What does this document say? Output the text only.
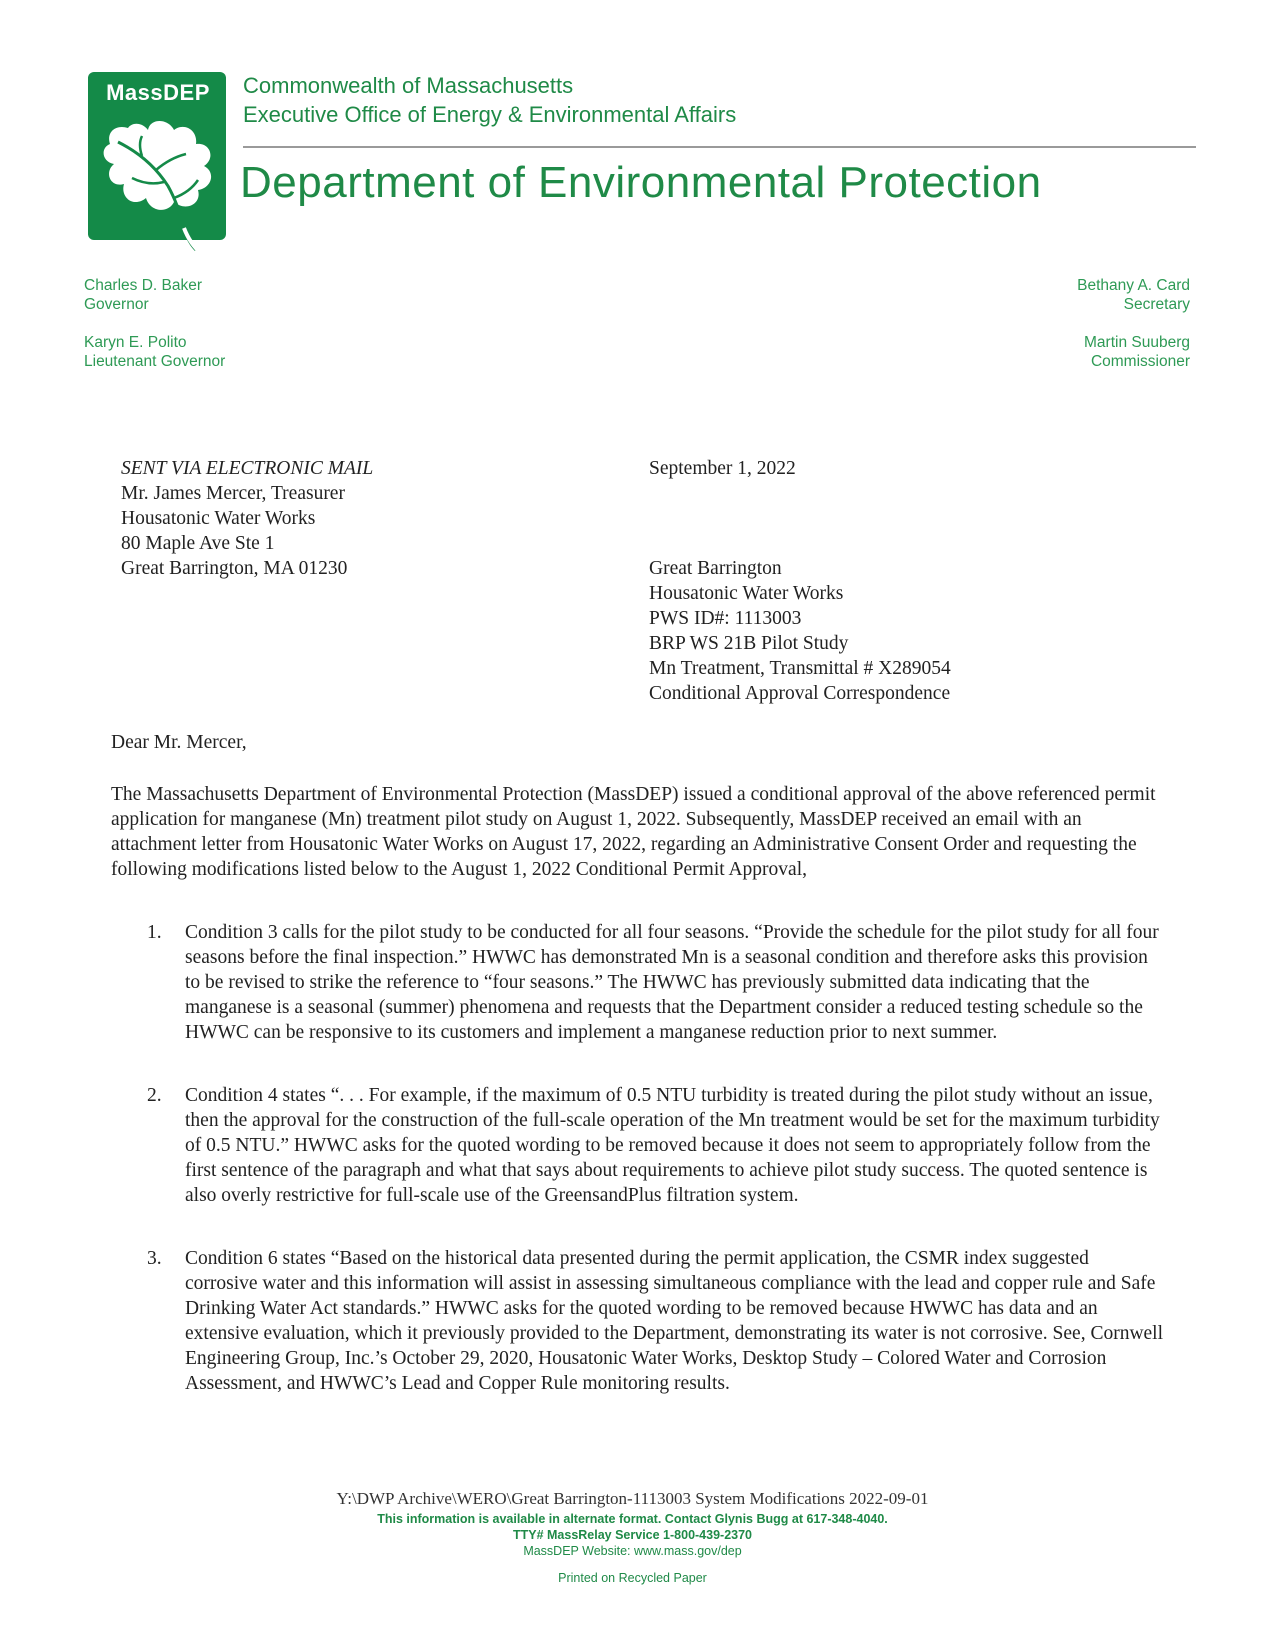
MassDEP	Commonwealth of Massachusetts
Executive Office of Energy & Environmental Affairs
Department of Environmental Protection
Charles D. Baker
Governor
Karyn E. Polito
Lieutenant Governor
Bethany A. Card
Secretary
Martin Suuberg
Commissioner
SENT VIA ELECTRONIC MAIL
Mr. James Mercer, Treasurer
Housatonic Water Works
80 Maple Ave Ste 1
Great Barrington, MA 01230
September 1, 2022
Great Barrington
Housatonic Water Works
PWS ID#: 1113003
BRP WS 21B Pilot Study
Mn Treatment, Transmittal # X289054
Conditional Approval Correspondence
Dear Mr. Mercer,
The Massachusetts Department of Environmental Protection (MassDEP) issued a conditional approval of the above referenced permit application for manganese (Mn) treatment pilot study on August 1, 2022. Subsequently, MassDEP received an email with an attachment letter from Housatonic Water Works on August 17, 2022, regarding an Administrative Consent Order and requesting the following modifications listed below to the August 1, 2022 Conditional Permit Approval,
1. Condition 3 calls for the pilot study to be conducted for all four seasons. “Provide the schedule for the pilot study for all four seasons before the final inspection.” HWWC has demonstrated Mn is a seasonal condition and therefore asks this provision to be revised to strike the reference to “four seasons.” The HWWC has previously submitted data indicating that the manganese is a seasonal (summer) phenomena and requests that the Department consider a reduced testing schedule so the HWWC can be responsive to its customers and implement a manganese reduction prior to next summer.
2. Condition 4 states “. . . For example, if the maximum of 0.5 NTU turbidity is treated during the pilot study without an issue, then the approval for the construction of the full-scale operation of the Mn treatment would be set for the maximum turbidity of 0.5 NTU.” HWWC asks for the quoted wording to be removed because it does not seem to appropriately follow from the first sentence of the paragraph and what that says about requirements to achieve pilot study success. The quoted sentence is also overly restrictive for full-scale use of the GreensandPlus filtration system.
3. Condition 6 states “Based on the historical data presented during the permit application, the CSMR index suggested corrosive water and this information will assist in assessing simultaneous compliance with the lead and copper rule and Safe Drinking Water Act standards.” HWWC asks for the quoted wording to be removed because HWWC has data and an extensive evaluation, which it previously provided to the Department, demonstrating its water is not corrosive. See, Cornwell Engineering Group, Inc.’s October 29, 2020, Housatonic Water Works, Desktop Study – Colored Water and Corrosion Assessment, and HWWC’s Lead and Copper Rule monitoring results.
Y:\DWP Archive\WERO\Great Barrington-1113003 System Modifications 2022-09-01
This information is available in alternate format. Contact Glynis Bugg at 617-348-4040.
TTY# MassRelay Service 1-800-439-2370
MassDEP Website: www.mass.gov/dep
Printed on Recycled Paper
